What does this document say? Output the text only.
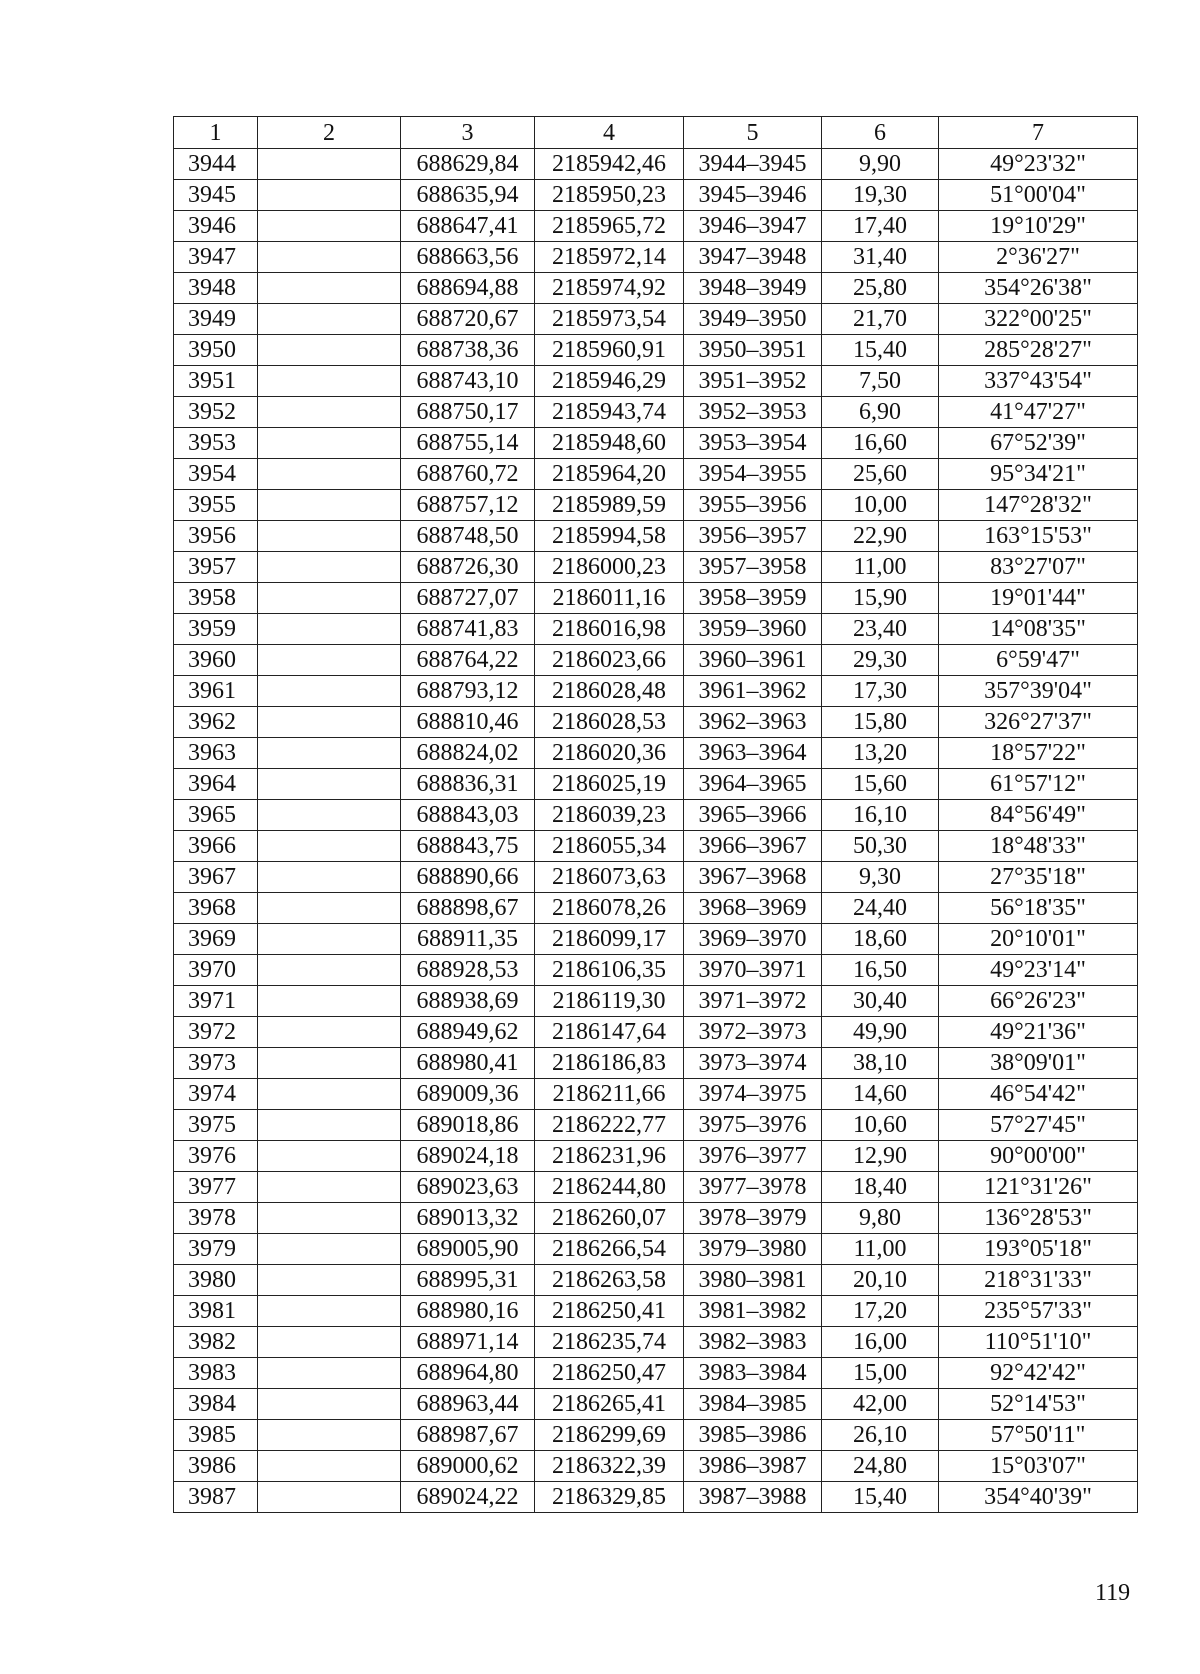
1	2	3	4	5	6	7
3944		688629,84	2185942,46	3944–3945	9,90	49°23'32"
3945		688635,94	2185950,23	3945–3946	19,30	51°00'04"
3946		688647,41	2185965,72	3946–3947	17,40	19°10'29"
3947		688663,56	2185972,14	3947–3948	31,40	2°36'27"
3948		688694,88	2185974,92	3948–3949	25,80	354°26'38"
3949		688720,67	2185973,54	3949–3950	21,70	322°00'25"
3950		688738,36	2185960,91	3950–3951	15,40	285°28'27"
3951		688743,10	2185946,29	3951–3952	7,50	337°43'54"
3952		688750,17	2185943,74	3952–3953	6,90	41°47'27"
3953		688755,14	2185948,60	3953–3954	16,60	67°52'39"
3954		688760,72	2185964,20	3954–3955	25,60	95°34'21"
3955		688757,12	2185989,59	3955–3956	10,00	147°28'32"
3956		688748,50	2185994,58	3956–3957	22,90	163°15'53"
3957		688726,30	2186000,23	3957–3958	11,00	83°27'07"
3958		688727,07	2186011,16	3958–3959	15,90	19°01'44"
3959		688741,83	2186016,98	3959–3960	23,40	14°08'35"
3960		688764,22	2186023,66	3960–3961	29,30	6°59'47"
3961		688793,12	2186028,48	3961–3962	17,30	357°39'04"
3962		688810,46	2186028,53	3962–3963	15,80	326°27'37"
3963		688824,02	2186020,36	3963–3964	13,20	18°57'22"
3964		688836,31	2186025,19	3964–3965	15,60	61°57'12"
3965		688843,03	2186039,23	3965–3966	16,10	84°56'49"
3966		688843,75	2186055,34	3966–3967	50,30	18°48'33"
3967		688890,66	2186073,63	3967–3968	9,30	27°35'18"
3968		688898,67	2186078,26	3968–3969	24,40	56°18'35"
3969		688911,35	2186099,17	3969–3970	18,60	20°10'01"
3970		688928,53	2186106,35	3970–3971	16,50	49°23'14"
3971		688938,69	2186119,30	3971–3972	30,40	66°26'23"
3972		688949,62	2186147,64	3972–3973	49,90	49°21'36"
3973		688980,41	2186186,83	3973–3974	38,10	38°09'01"
3974		689009,36	2186211,66	3974–3975	14,60	46°54'42"
3975		689018,86	2186222,77	3975–3976	10,60	57°27'45"
3976		689024,18	2186231,96	3976–3977	12,90	90°00'00"
3977		689023,63	2186244,80	3977–3978	18,40	121°31'26"
3978		689013,32	2186260,07	3978–3979	9,80	136°28'53"
3979		689005,90	2186266,54	3979–3980	11,00	193°05'18"
3980		688995,31	2186263,58	3980–3981	20,10	218°31'33"
3981		688980,16	2186250,41	3981–3982	17,20	235°57'33"
3982		688971,14	2186235,74	3982–3983	16,00	110°51'10"
3983		688964,80	2186250,47	3983–3984	15,00	92°42'42"
3984		688963,44	2186265,41	3984–3985	42,00	52°14'53"
3985		688987,67	2186299,69	3985–3986	26,10	57°50'11"
3986		689000,62	2186322,39	3986–3987	24,80	15°03'07"
3987		689024,22	2186329,85	3987–3988	15,40	354°40'39"
119
